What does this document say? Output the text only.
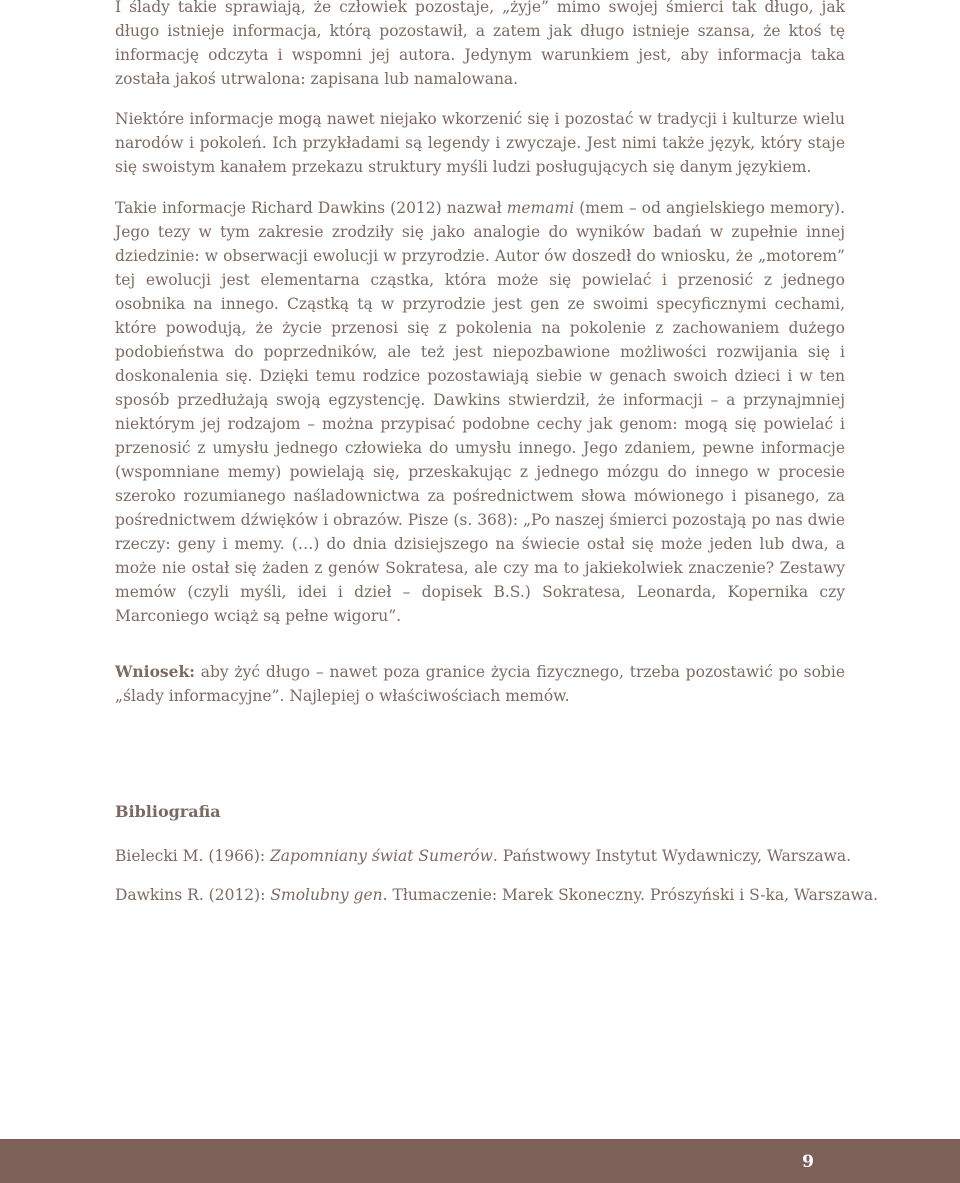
I ślady takie sprawiają, że człowiek pozostaje, „żyje” mimo swojej śmierci tak długo, jak długo istnieje informacja, którą pozostawił, a zatem jak długo istnieje szansa, że ktoś tę informację odczyta i wspomni jej autora. Jedynym warunkiem jest, aby informacja taka została jakoś utrwalona: zapisana lub namalowana.

Niektóre informacje mogą nawet niejako wkorzenić się i pozostać w tradycji i kulturze wielu narodów i pokoleń. Ich przykładami są legendy i zwyczaje. Jest nimi także język, który staje się swoistym kanałem przekazu struktury myśli ludzi posługujących się danym językiem.

Takie informacje Richard Dawkins (2012) nazwał memami (mem – od angielskiego memory). Jego tezy w tym zakresie zrodziły się jako analogie do wyników badań w zupełnie innej dziedzinie: w obserwacji ewolucji w przyrodzie. Autor ów doszedł do wniosku, że „motorem” tej ewolucji jest elementarna cząstka, która może się powielać i przenosić z jednego osobnika na innego. Cząstką tą w przyrodzie jest gen ze swoimi specyficznymi cechami, które powodują, że życie przenosi się z pokolenia na pokolenie z zachowaniem dużego podobieństwa do poprzedników, ale też jest niepozbawione możliwości rozwijania się i doskonalenia się. Dzięki temu rodzice pozostawiają siebie w genach swoich dzieci i w ten sposób przedłużają swoją egzystencję. Dawkins stwierdził, że informacji – a przynajmniej niektórym jej rodzajom – można przypisać podobne cechy jak genom: mogą się powielać i przenosić z umysłu jednego człowieka do umysłu innego. Jego zdaniem, pewne informacje (wspomniane memy) powielają się, przeskakując z jednego mózgu do innego w procesie szeroko rozumianego naśladownictwa za pośrednictwem słowa mówionego i pisanego, za pośrednictwem dźwięków i obrazów. Pisze (s. 368): „Po naszej śmierci pozostają po nas dwie rzeczy: geny i memy. (…) do dnia dzisiejszego na świecie ostał się może jeden lub dwa, a może nie ostał się żaden z genów Sokratesa, ale czy ma to jakiekolwiek znaczenie? Zestawy memów (czyli myśli, idei i dzieł – dopisek B.S.) Sokratesa, Leonarda, Kopernika czy Marconiego wciąż są pełne wigoru”.

Wniosek: aby żyć długo – nawet poza granice życia fizycznego, trzeba pozostawić po sobie „ślady informacyjne”. Najlepiej o właściwościach memów.

Bibliografia

Bielecki M. (1966): Zapomniany świat Sumerów. Państwowy Instytut Wydawniczy, Warszawa.

Dawkins R. (2012): Smolubny gen. Tłumaczenie: Marek Skoneczny. Prószyński i S-ka, Warszawa.

9
